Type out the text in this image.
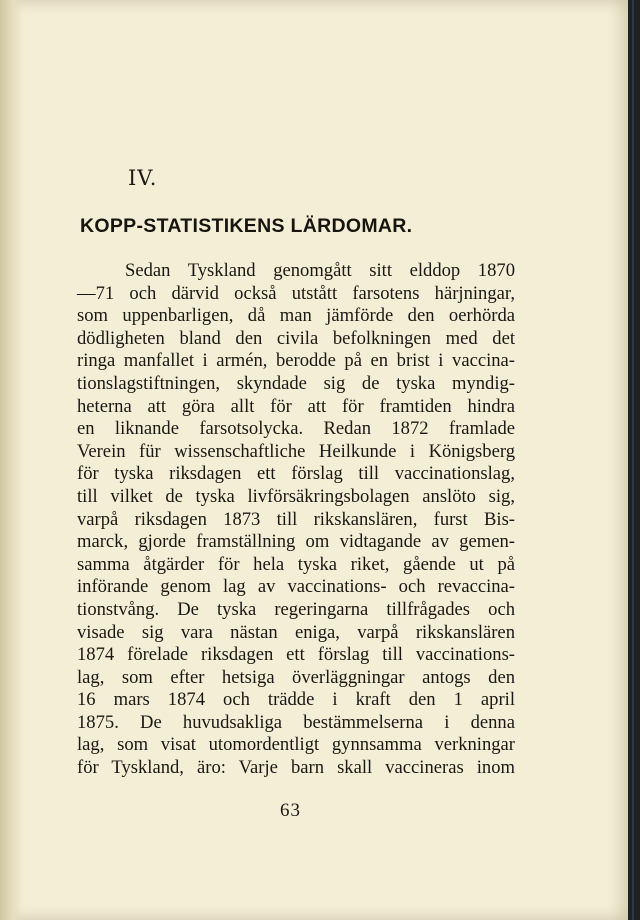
IV.
KOPP-STATISTIKENS LÄRDOMAR.
Sedan Tyskland genomgått sitt elddop 1870
—71 och därvid också utstått farsotens härjningar,
som uppenbarligen, då man jämförde den oerhörda
dödligheten bland den civila befolkningen med det
ringa manfallet i armén, berodde på en brist i vaccina-
tionslagstiftningen, skyndade sig de tyska myndig-
heterna att göra allt för att för framtiden hindra
en liknande farsotsolycka. Redan 1872 framlade
Verein für wissenschaftliche Heilkunde i Königsberg
för tyska riksdagen ett förslag till vaccinationslag,
till vilket de tyska livförsäkringsbolagen anslöto sig,
varpå riksdagen 1873 till rikskanslären, furst Bis-
marck, gjorde framställning om vidtagande av gemen-
samma åtgärder för hela tyska riket, gående ut på
införande genom lag av vaccinations- och revaccina-
tionstvång. De tyska regeringarna tillfrågades och
visade sig vara nästan eniga, varpå rikskanslären
1874 förelade riksdagen ett förslag till vaccinations-
lag, som efter hetsiga överläggningar antogs den
16 mars 1874 och trädde i kraft den 1 april
1875. De huvudsakliga bestämmelserna i denna
lag, som visat utomordentligt gynnsamma verkningar
för Tyskland, äro: Varje barn skall vaccineras inom
63
